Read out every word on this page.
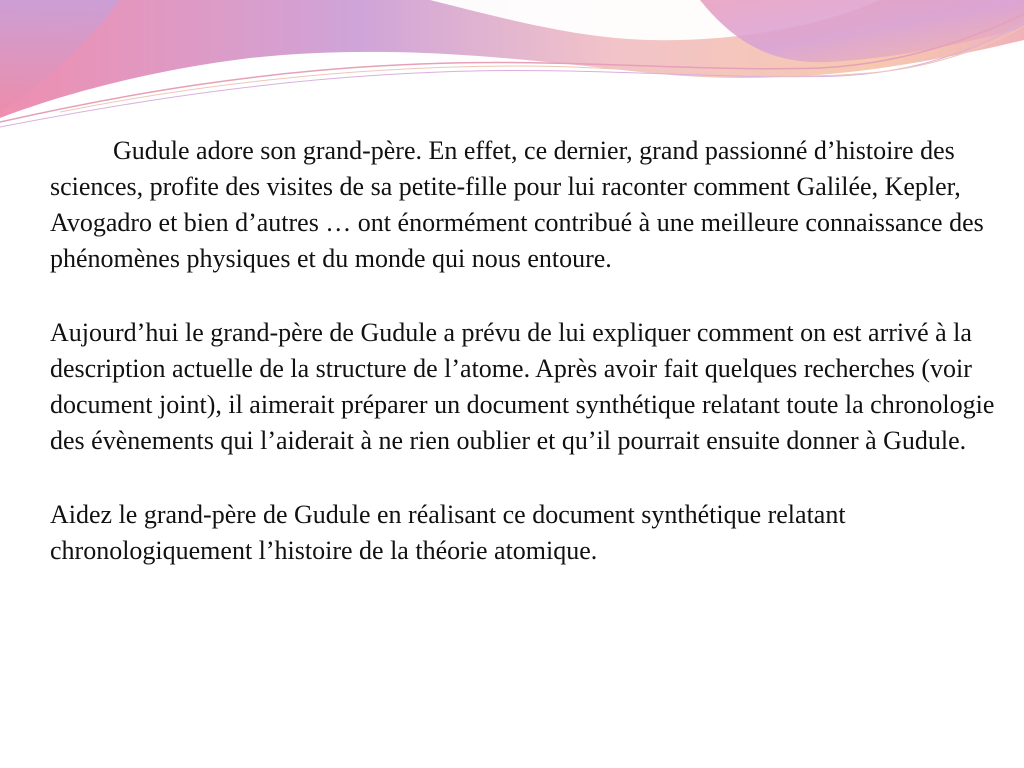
Gudule adore son grand-père. En effet, ce dernier, grand passionné d’histoire des sciences, profite des visites de sa petite-fille pour lui raconter comment Galilée, Kepler, Avogadro et bien d’autres … ont énormément contribué à une meilleure connaissance des phénomènes physiques et du monde qui nous entoure.

Aujourd’hui le grand-père de Gudule a prévu de lui expliquer comment on est arrivé à la description actuelle de la structure de l’atome. Après avoir fait quelques recherches (voir document joint), il aimerait préparer un document synthétique relatant toute la chronologie des évènements qui l’aiderait à ne rien oublier et qu’il pourrait ensuite donner à Gudule.

Aidez le grand-père de Gudule en réalisant ce document synthétique relatant chronologiquement l’histoire de la théorie atomique.
